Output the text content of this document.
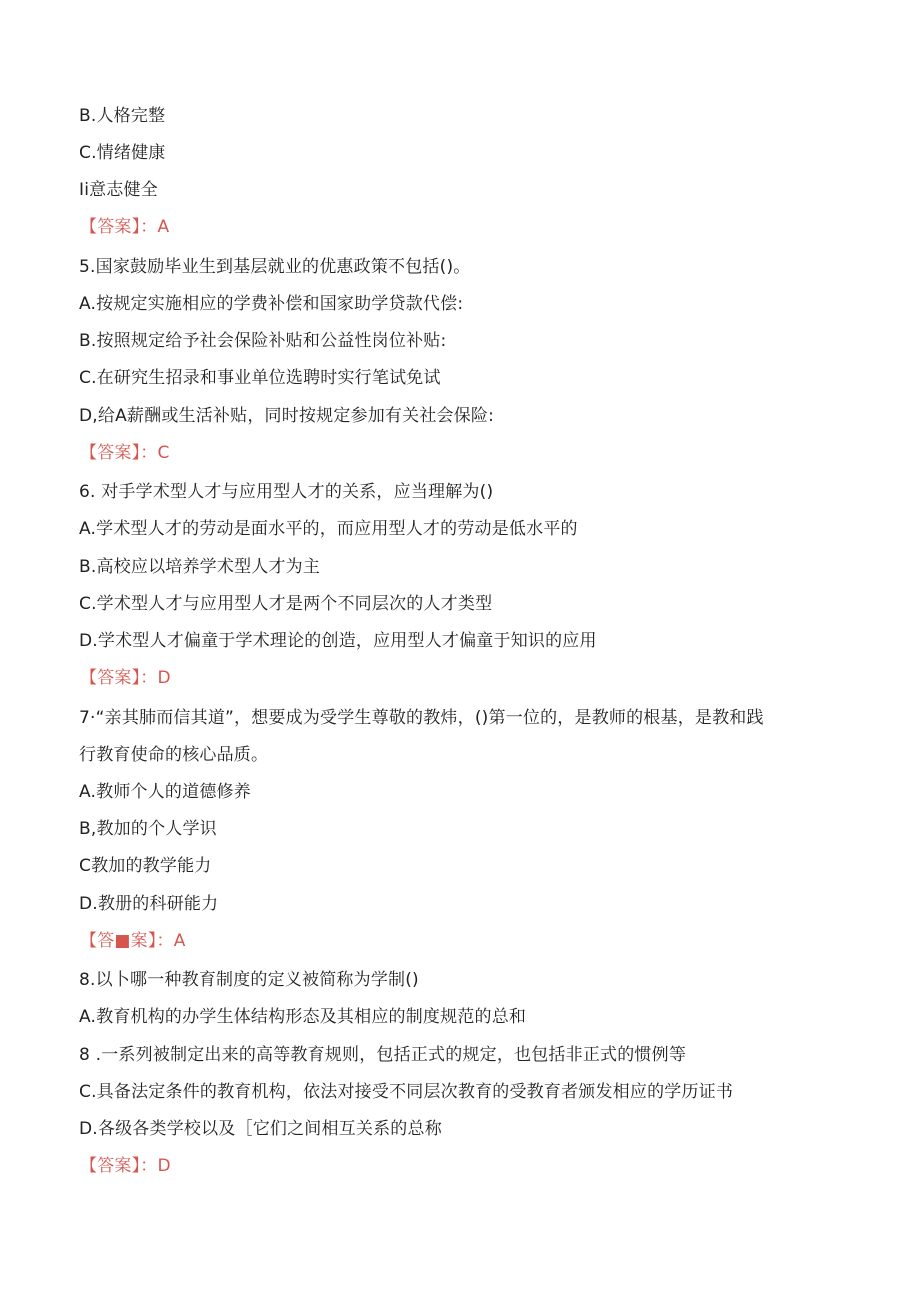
B.人格完整
C.情绪健康
Ii意志健全
【答案】：A
5.国家鼓励毕业生到基层就业的优惠政策不包括()。
A.按规定实施相应的学费补偿和国家助学贷款代偿:
B.按照规定给予社会保险补贴和公益性岗位补贴:
C.在研究生招录和事业单位选聘时实行笔试免试
D,给A薪酬或生活补贴，同时按规定参加有关社会保险:
【答案】：C
6. 对手学术型人才与应用型人才的关系，应当理解为()
A.学术型人才的劳动是面水平的，而应用型人才的劳动是低水平的
B.高校应以培养学术型人才为主
C.学术型人才与应用型人才是两个不同层次的人才类型
D.学术型人才偏童于学术理论的创造，应用型人才偏童于知识的应用
【答案】：D
7·“亲其肺而信其道”，想要成为受学生尊敬的教炜，()第一位的，是教师的根基，是教和践
行教育使命的核心品质。
A.教师个人的道德修养
B,教加的个人学识
C教加的教学能力
D.教册的科研能力
【答■案】：A
8.以卜哪一种教育制度的定义被简称为学制()
A.教育机构的办学生体结构形态及其相应的制度规范的总和
8 .一系列被制定出来的高等教育规则，包括正式的规定，也包括非正式的惯例等
C.具备法定条件的教育机构，依法对接受不同层次教育的受教育者颁发相应的学历证书
D.各级各类学校以及［它们之间相互关系的总称
【答案】：D
